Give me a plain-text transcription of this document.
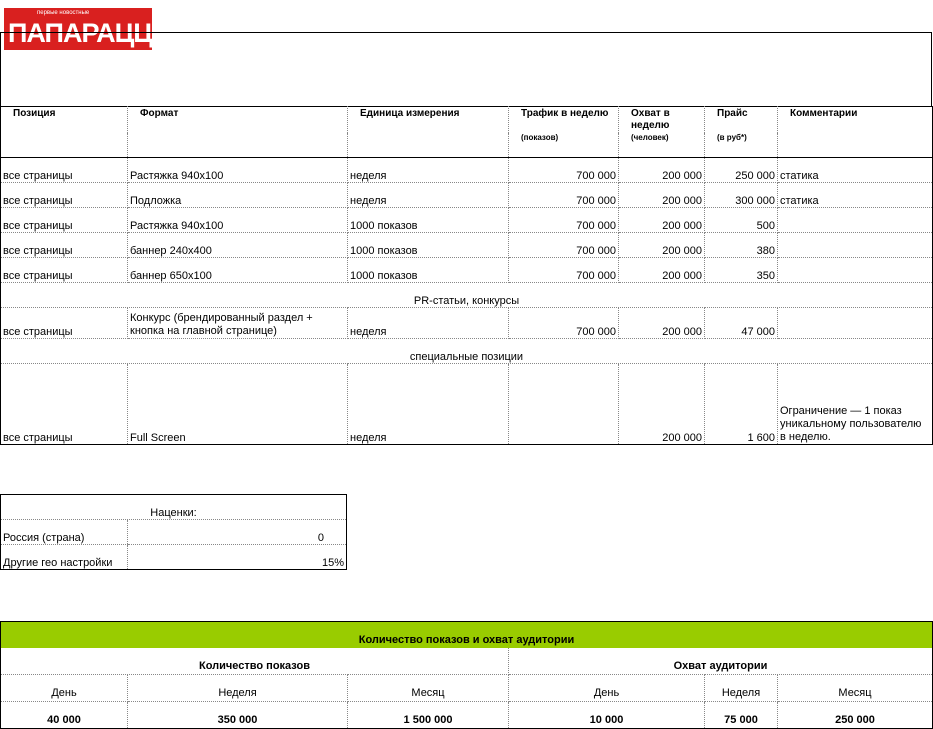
первые новостные
ПАПАРАЦЦИ
Позиция	Формат	Единица измерения	Трафик в неделю	Охват в неделю	Прайс	Комментарии
			(показов)	(человек)	(в руб*)	
все страницы	Растяжка 940х100	неделя	700 000	200 000	250 000	статика
все страницы	Подложка	неделя	700 000	200 000	300 000	статика
все страницы	Растяжка 940х100	1000 показов	700 000	200 000	500	
все страницы	баннер 240х400	1000 показов	700 000	200 000	380	
все страницы	баннер 650х100	1000 показов	700 000	200 000	350	
PR-статьи, конкурсы						
все страницы	Конкурс (брендированный раздел + кнопка на главной странице)	неделя	700 000	200 000	47 000	
специальные позиции						
все страницы	Full Screen	неделя		200 000	1 600	Ограничение — 1 показ уникальному пользователю в неделю.
Наценки:	
Россия (страна)	0
Другие гео настройки	15%
Количество показов и охват аудитории					
Количество показов			Охват аудитории		
День	Неделя	Месяц	День	Неделя	Месяц
40 000	350 000	1 500 000	10 000	75 000	250 000
